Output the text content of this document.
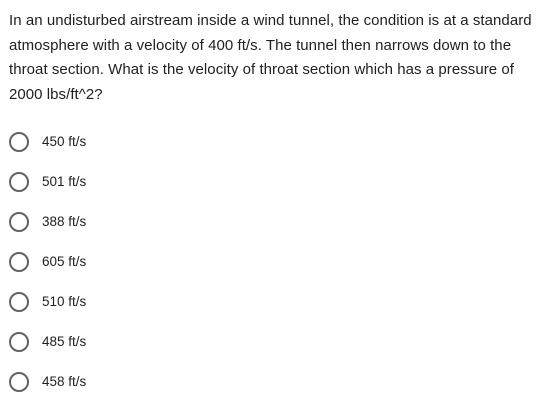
In an undisturbed airstream inside a wind tunnel, the condition is at a standard atmosphere with a velocity of 400 ft/s. The tunnel then narrows down to the throat section. What is the velocity of throat section which has a pressure of 2000 lbs/ft^2?
450 ft/s
501 ft/s
388 ft/s
605 ft/s
510 ft/s
485 ft/s
458 ft/s
